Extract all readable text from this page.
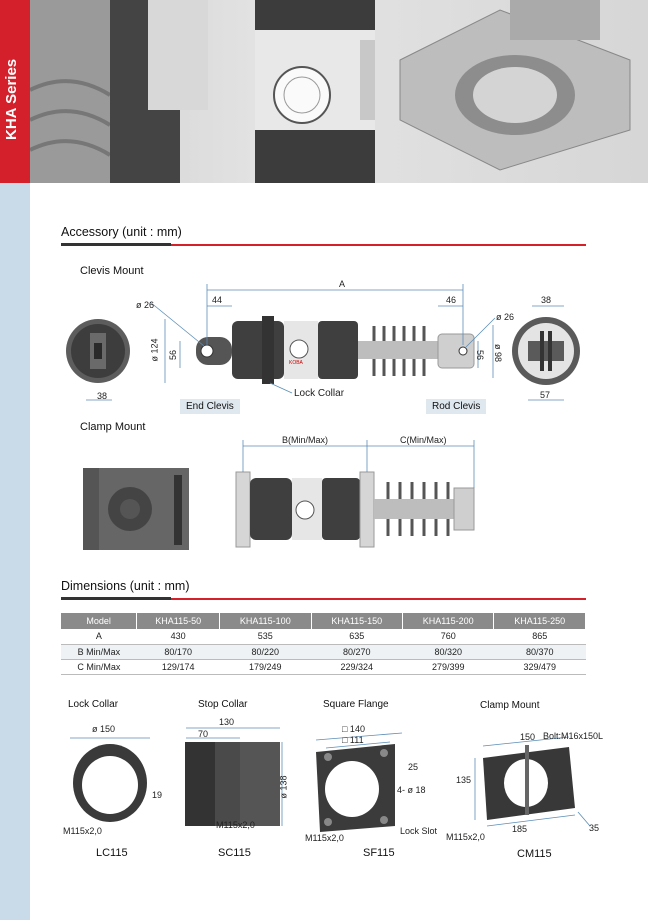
KHA Series
Accessory (unit : mm)
Clevis Mount
A
44	46
ø 26
ø 26
ø 124 56	56 ø 98
38
38
57
Lock Collar
End Clevis	Rod Clevis
KOBA
Clamp Mount
B(Min/Max)	C(Min/Max)
Dimensions (unit : mm)
Model	KHA115-50	KHA115-100	KHA115-150	KHA115-200	KHA115-250
A	430	535	635	760	865
B Min/Max	80/170	80/220	80/270	80/320	80/370
C Min/Max	129/174	179/249	229/324	279/399	329/479
Lock Collar	Stop Collar	Square Flange	Clamp Mount
ø 150
19
M115x2,0
LC115
130
70
ø 138
M115x2,0
SC115
□ 140
□ 111
25
4- ø 18
M115x2,0
Lock Slot
SF115
150 Bolt:M16x150L
135
185	35
M115x2,0
CM115
